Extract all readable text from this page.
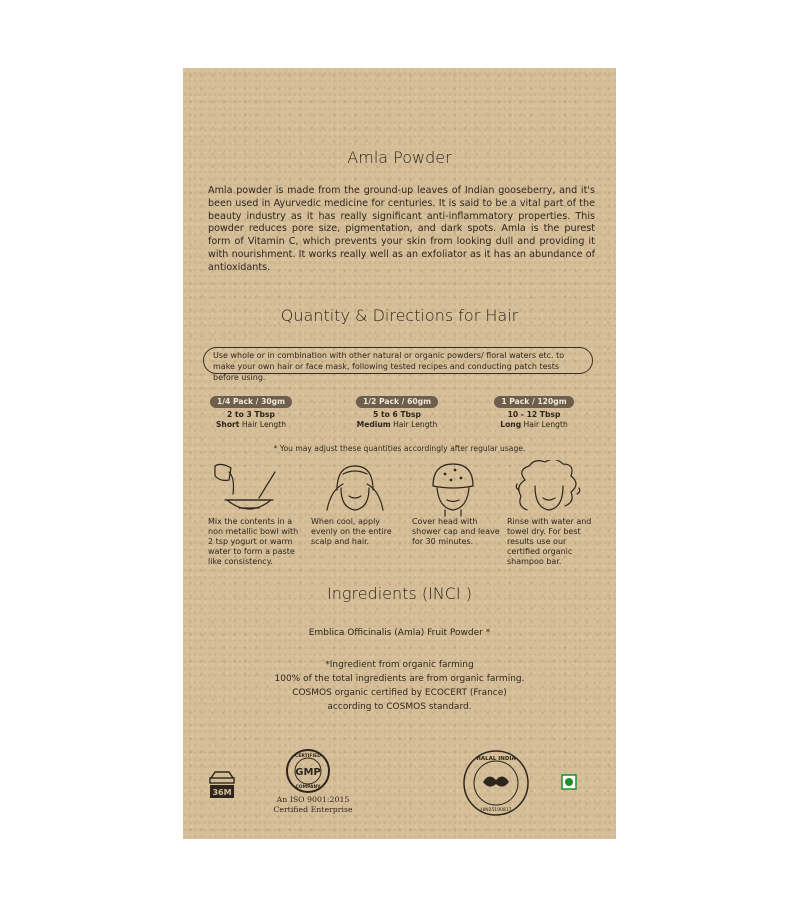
Amla Powder
Amla powder is made from the ground-up leaves of Indian gooseberry, and it's been used in Ayurvedic medicine for centuries. It is said to be a vital part of the beauty industry as it has really significant anti-inflammatory properties. This powder reduces pore size, pigmentation, and dark spots. Amla is the purest form of Vitamin C, which prevents your skin from looking dull and providing it with nourishment. It works really well as an exfoliator as it has an abundance of antioxidants.
Quantity & Directions for Hair
Use whole or in combination with other natural or organic powders/ floral waters etc. to make your own hair or face mask, following tested recipes and conducting patch tests before using.
1/4 Pack / 30gm
2 to 3 Tbsp
Short Hair Length
1/2 Pack / 60gm
5 to 6 Tbsp
Medium Hair Length
1 Pack / 120gm
10 - 12 Tbsp
Long Hair Length
* You may adjust these quantities accordingly after regular usage.
Mix the contents in a non metallic bowl with 2 tsp yogurt or warm water to form a paste like consistency.
When cool, apply evenly on the entire scalp and hair.
Cover head with shower cap and leave for 30 minutes.
Rinse with water and towel dry. For best results use our certified organic shampoo bar.
Ingredients (INCI )
Emblica Officinalis (Amla) Fruit Powder *
*Ingredient from organic farming
100% of the total ingredients are from organic farming.
COSMOS organic certified by ECOCERT (France)
according to COSMOS standard.
36M
GMP
CERTIFIED
COMPANY
An ISO 9001:2015
Certified Enterprise
HALAL INDIA
HIN25190817
